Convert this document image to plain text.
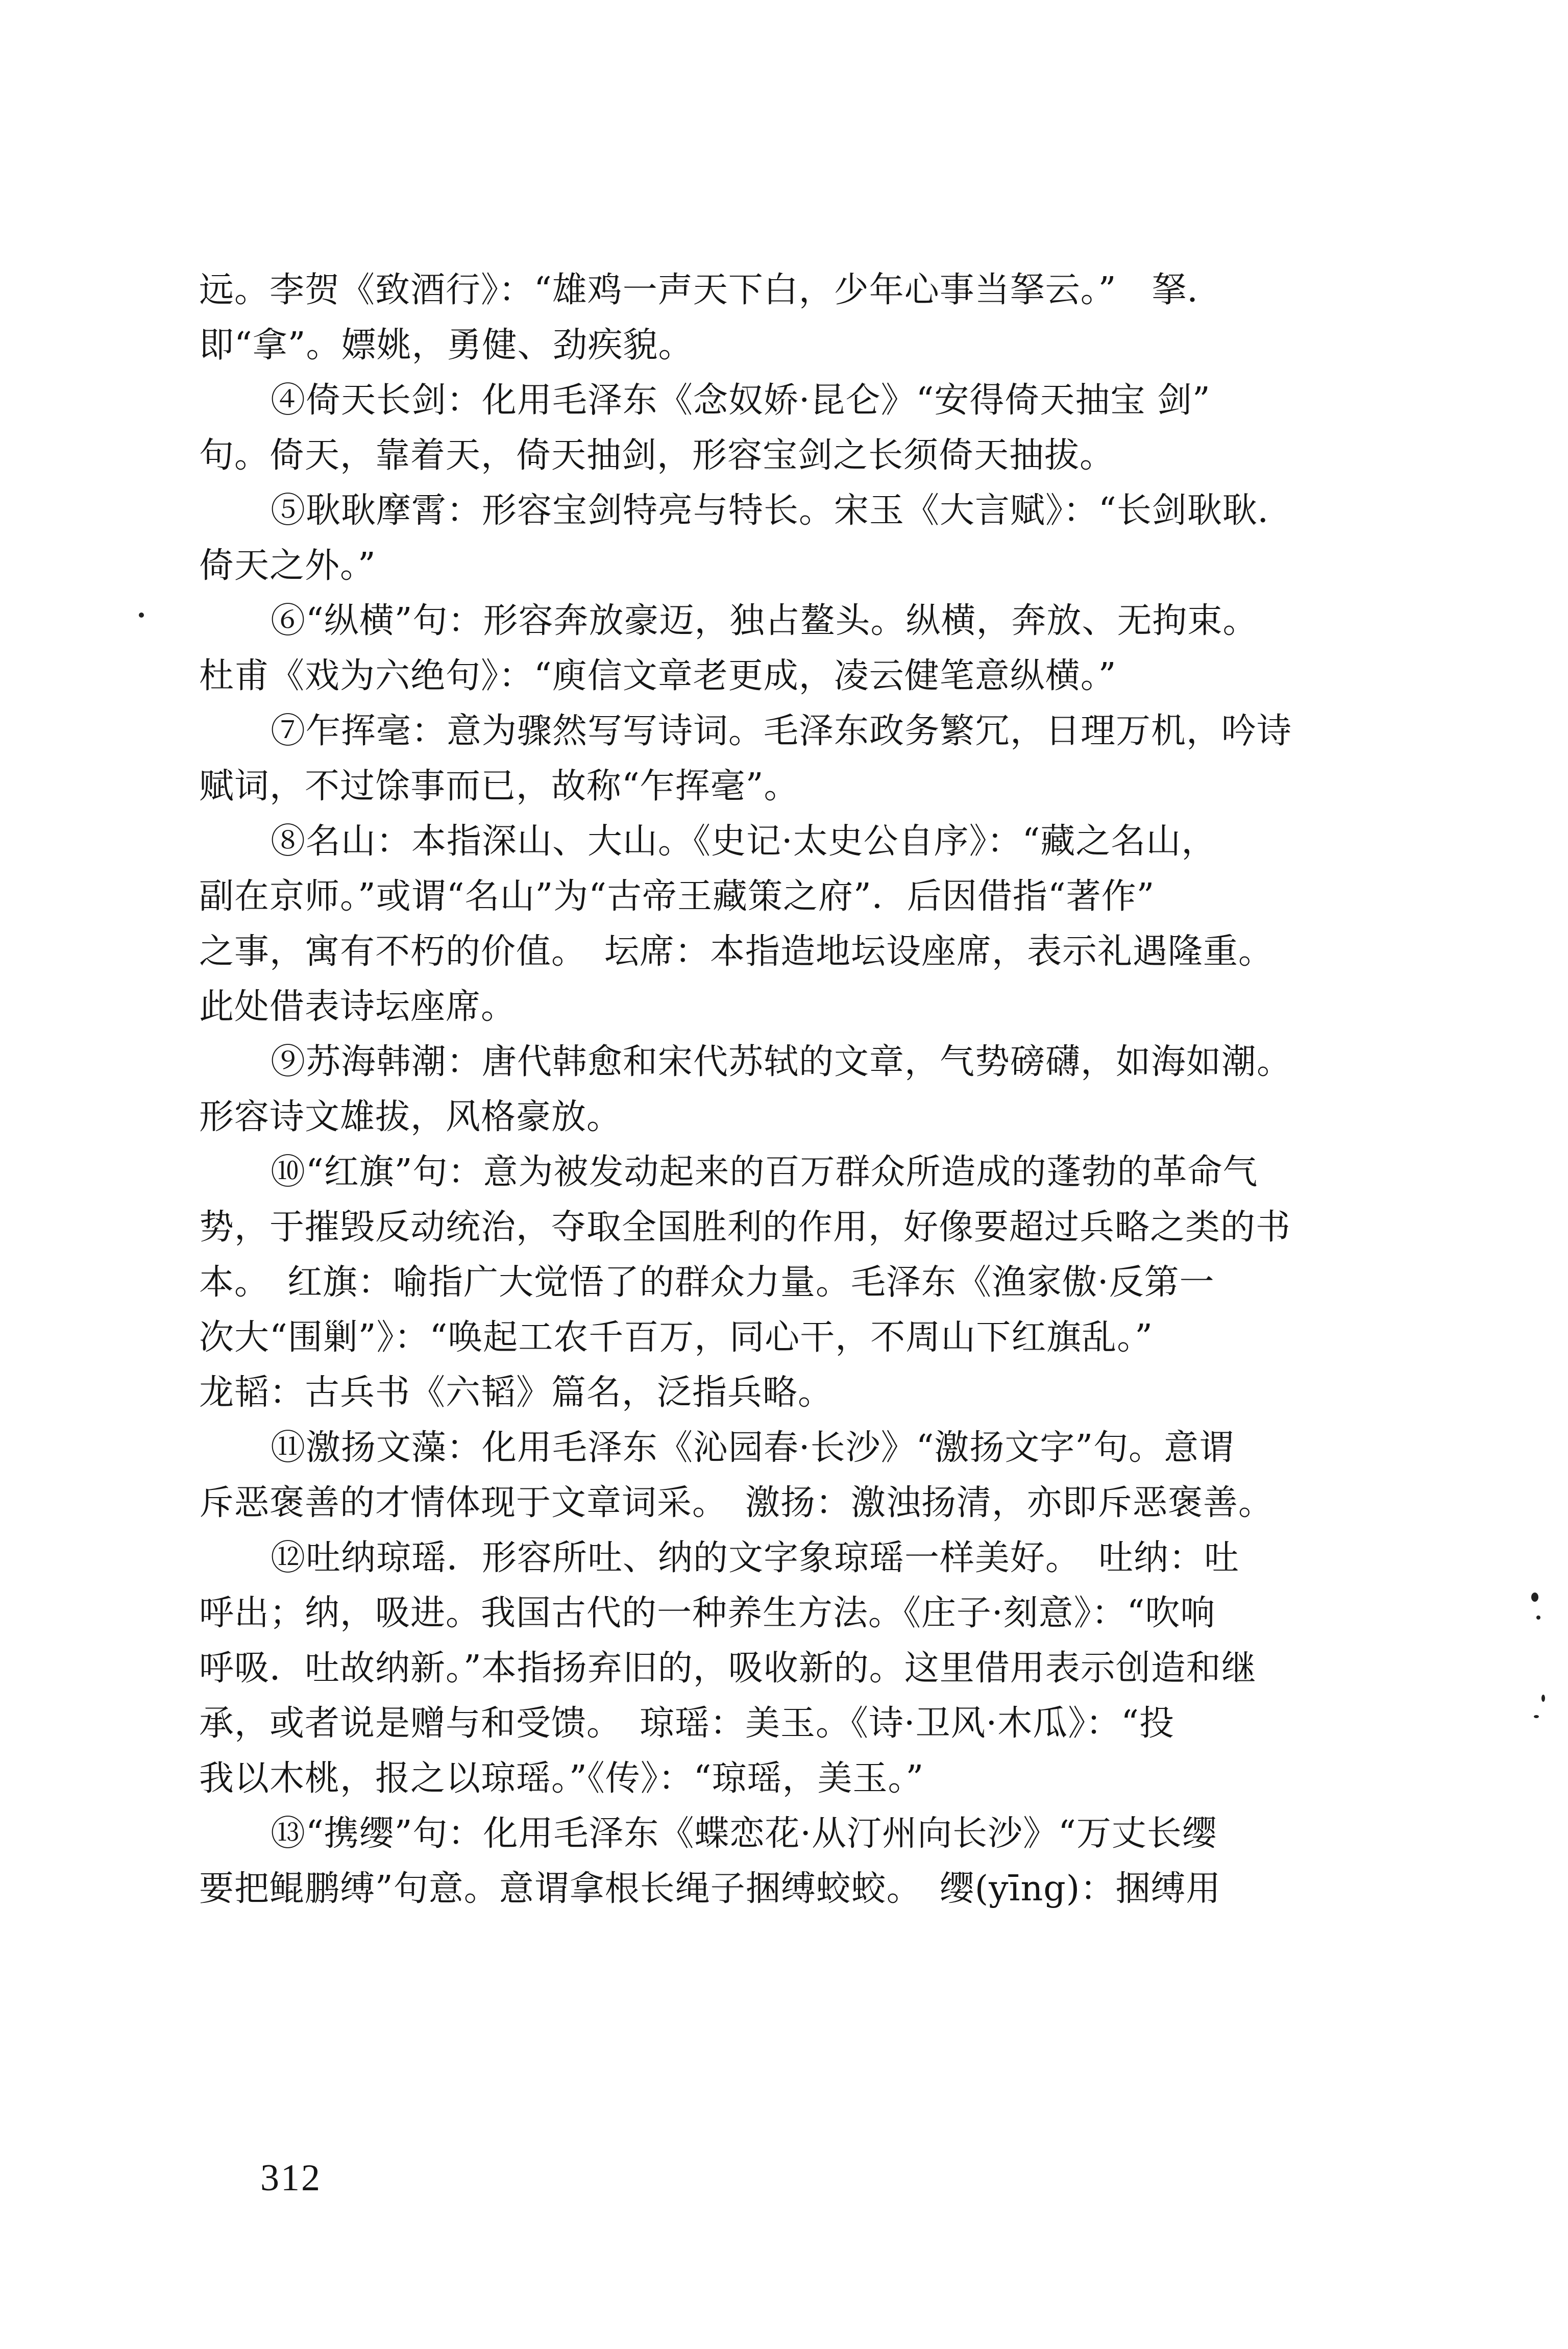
远。李贺《致酒行》：“雄鸡一声天下白，少年心事当拏云。”　拏．
即“拿”。嫖姚，勇健、劲疾貌。
④倚天长剑：化用毛泽东《念奴娇·昆仑》“安得倚天抽宝 剑”
句。倚天，靠着天，倚天抽剑，形容宝剑之长须倚天抽拔。
⑤耿耿摩霄：形容宝剑特亮与特长。宋玉《大言赋》：“长剑耿耿．
倚天之外。”
⑥“纵横”句：形容奔放豪迈，独占鳌头。纵横，奔放、无拘束。
杜甫《戏为六绝句》：“庾信文章老更成，凌云健笔意纵横。”
⑦乍挥毫：意为骤然写写诗词。毛泽东政务繁冗，日理万机，吟诗
赋词，不过馀事而已，故称“乍挥毫”。
⑧名山：本指深山、大山。《史记·太史公自序》：“藏之名山，
副在京师。”或谓“名山”为“古帝王藏策之府”．后因借指“著作”
之事，寓有不朽的价值。　坛席：本指造地坛设座席，表示礼遇隆重。
此处借表诗坛座席。
⑨苏海韩潮：唐代韩愈和宋代苏轼的文章，气势磅礴，如海如潮。
形容诗文雄拔，风格豪放。
⑩“红旗”句：意为被发动起来的百万群众所造成的蓬勃的革命气
势，于摧毁反动统治，夺取全国胜利的作用，好像要超过兵略之类的书
本。　红旗：喻指广大觉悟了的群众力量。毛泽东《渔家傲·反第一
次大“围剿”》：“唤起工农千百万，同心干，不周山下红旗乱。”
龙韬：古兵书《六韬》篇名，泛指兵略。
⑪激扬文藻：化用毛泽东《沁园春·长沙》“激扬文字”句。意谓
斥恶褒善的才情体现于文章词采。　激扬：激浊扬清，亦即斥恶褒善。
⑫吐纳琼瑶．形容所吐、纳的文字象琼瑶一样美好。　吐纳：吐
呼出；纳，吸进。我国古代的一种养生方法。《庄子·刻意》：“吹响
呼吸．吐故纳新。”本指扬弃旧的，吸收新的。这里借用表示创造和继
承，或者说是赠与和受馈。　琼瑶：美玉。《诗·卫风·木瓜》：“投
我以木桃，报之以琼瑶。”《传》：“琼瑶，美玉。”
⑬“携缨”句：化用毛泽东《蝶恋花·从汀州向长沙》“万丈长缨
要把鲲鹏缚”句意。意谓拿根长绳子捆缚蛟蛟。　缨(yīng)：捆缚用
312
